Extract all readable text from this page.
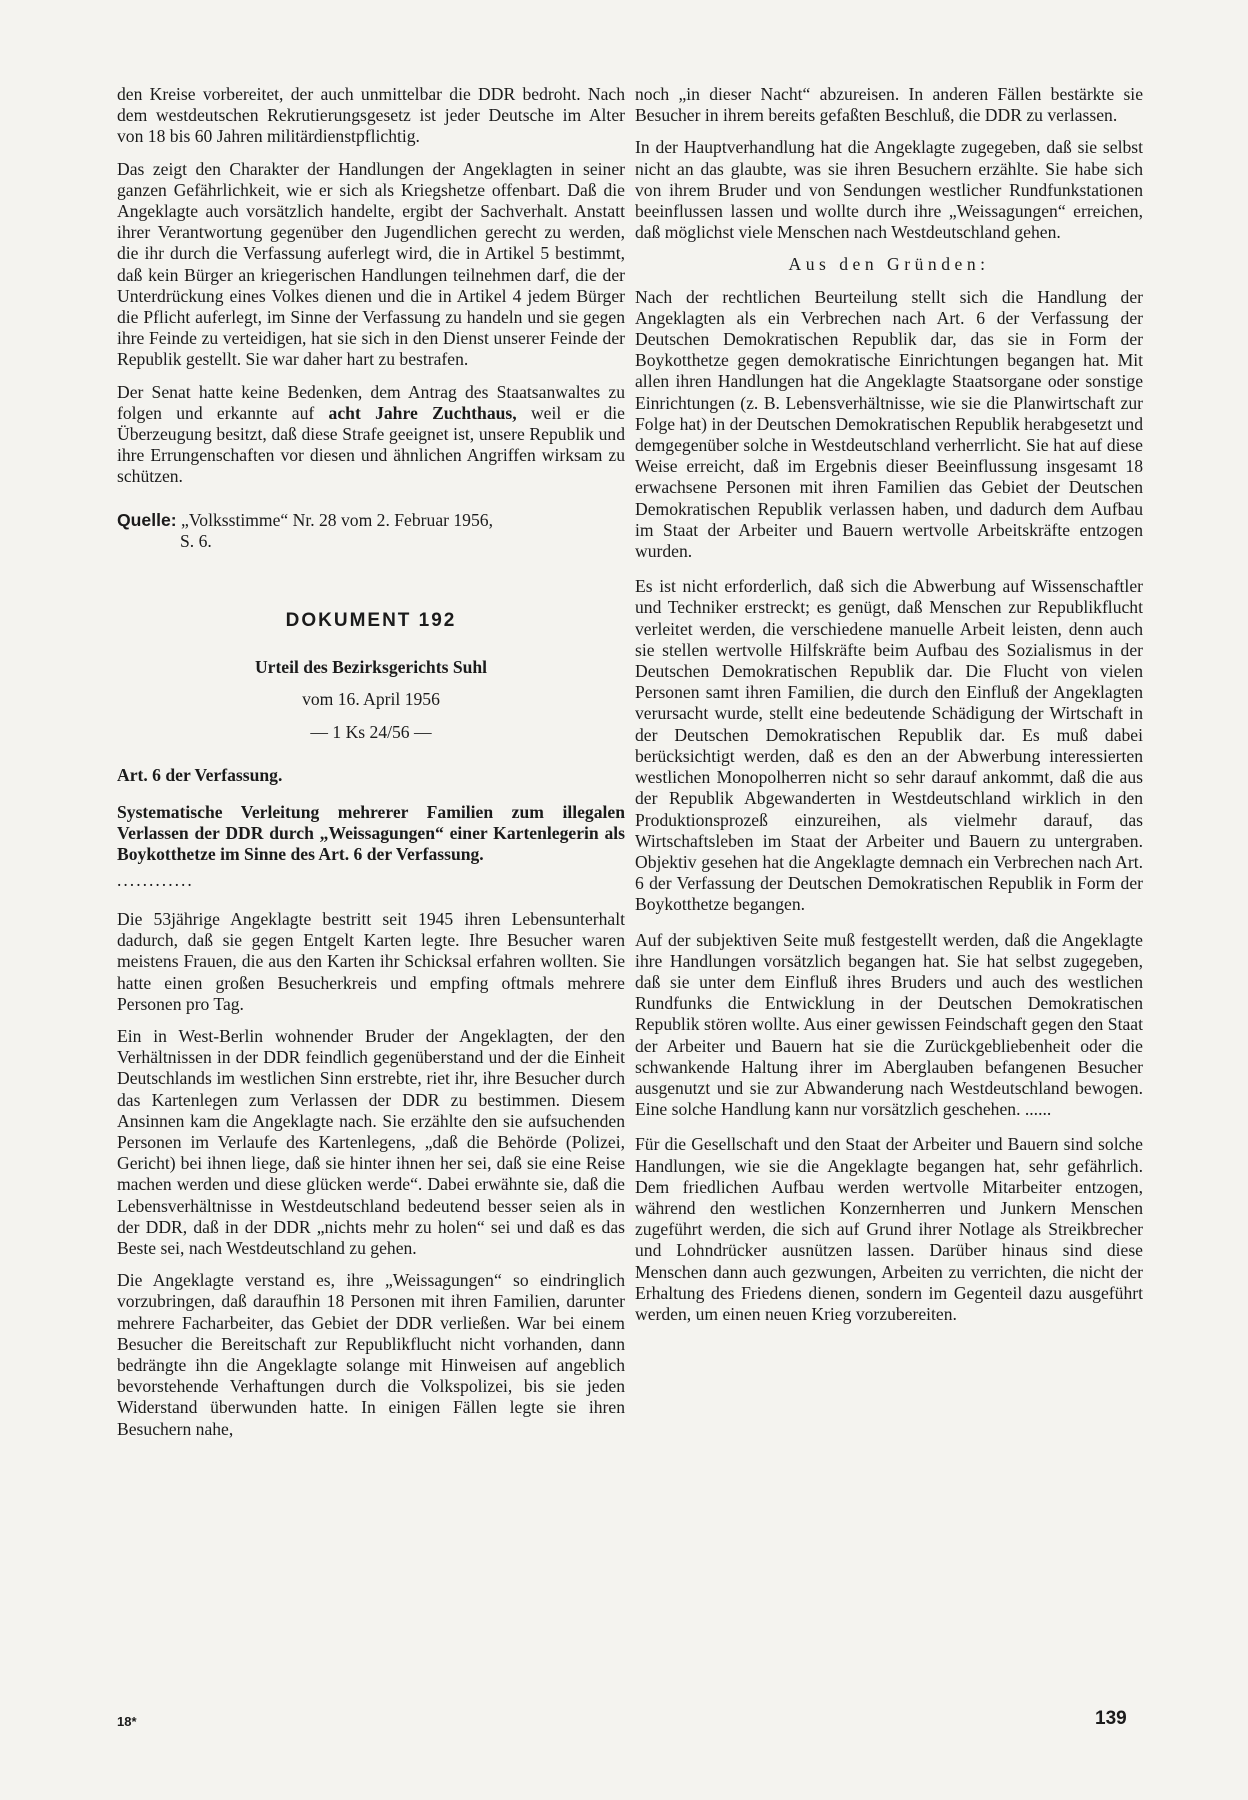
den Kreise vorbereitet, der auch unmittelbar die DDR bedroht. Nach dem westdeutschen Rekrutierungsgesetz ist jeder Deutsche im Alter von 18 bis 60 Jahren militärdienstpflichtig.

Das zeigt den Charakter der Handlungen der Angeklagten in seiner ganzen Gefährlichkeit, wie er sich als Kriegshetze offenbart. Daß die Angeklagte auch vorsätzlich handelte, ergibt der Sachverhalt. Anstatt ihrer Verantwortung gegenüber den Jugendlichen gerecht zu werden, die ihr durch die Verfassung auferlegt wird, die in Artikel 5 bestimmt, daß kein Bürger an kriegerischen Handlungen teilnehmen darf, die der Unterdrückung eines Volkes dienen und die in Artikel 4 jedem Bürger die Pflicht auferlegt, im Sinne der Verfassung zu handeln und sie gegen ihre Feinde zu verteidigen, hat sie sich in den Dienst unserer Feinde der Republik gestellt. Sie war daher hart zu bestrafen.

Der Senat hatte keine Bedenken, dem Antrag des Staatsanwaltes zu folgen und erkannte auf acht Jahre Zuchthaus, weil er die Überzeugung besitzt, daß diese Strafe geeignet ist, unsere Republik und ihre Errungenschaften vor diesen und ähnlichen Angriffen wirksam zu schützen.

Quelle: „Volksstimme“ Nr. 28 vom 2. Februar 1956,
S. 6.

DOKUMENT 192

Urteil des Bezirksgerichts Suhl

vom 16. April 1956

— 1 Ks 24/56 —

Art. 6 der Verfassung.

Systematische Verleitung mehrerer Familien zum illegalen Verlassen der DDR durch „Weissagungen“ einer Kartenlegerin als Boykotthetze im Sinne des Art. 6 der Verfassung.

............

Die 53jährige Angeklagte bestritt seit 1945 ihren Lebensunterhalt dadurch, daß sie gegen Entgelt Karten legte. Ihre Besucher waren meistens Frauen, die aus den Karten ihr Schicksal erfahren wollten. Sie hatte einen großen Besucherkreis und empfing oftmals mehrere Personen pro Tag.

Ein in West-Berlin wohnender Bruder der Angeklagten, der den Verhältnissen in der DDR feindlich gegenüberstand und der die Einheit Deutschlands im westlichen Sinn erstrebte, riet ihr, ihre Besucher durch das Kartenlegen zum Verlassen der DDR zu bestimmen. Diesem Ansinnen kam die Angeklagte nach. Sie erzählte den sie aufsuchenden Personen im Verlaufe des Kartenlegens, „daß die Behörde (Polizei, Gericht) bei ihnen liege, daß sie hinter ihnen her sei, daß sie eine Reise machen werden und diese glücken werde“. Dabei erwähnte sie, daß die Lebensverhältnisse in Westdeutschland bedeutend besser seien als in der DDR, daß in der DDR „nichts mehr zu holen“ sei und daß es das Beste sei, nach Westdeutschland zu gehen.

Die Angeklagte verstand es, ihre „Weissagungen“ so eindringlich vorzubringen, daß daraufhin 18 Personen mit ihren Familien, darunter mehrere Facharbeiter, das Gebiet der DDR verließen. War bei einem Besucher die Bereitschaft zur Republikflucht nicht vorhanden, dann bedrängte ihn die Angeklagte solange mit Hinweisen auf angeblich bevorstehende Verhaftungen durch die Volkspolizei, bis sie jeden Widerstand überwunden hatte. In einigen Fällen legte sie ihren Besuchern nahe,

noch „in dieser Nacht“ abzureisen. In anderen Fällen bestärkte sie Besucher in ihrem bereits gefaßten Beschluß, die DDR zu verlassen.

In der Hauptverhandlung hat die Angeklagte zugegeben, daß sie selbst nicht an das glaubte, was sie ihren Besuchern erzählte. Sie habe sich von ihrem Bruder und von Sendungen westlicher Rundfunkstationen beeinflussen lassen und wollte durch ihre „Weissagungen“ erreichen, daß möglichst viele Menschen nach Westdeutschland gehen.

Aus den Gründen:

Nach der rechtlichen Beurteilung stellt sich die Handlung der Angeklagten als ein Verbrechen nach Art. 6 der Verfassung der Deutschen Demokratischen Republik dar, das sie in Form der Boykotthetze gegen demokratische Einrichtungen begangen hat. Mit allen ihren Handlungen hat die Angeklagte Staatsorgane oder sonstige Einrichtungen (z. B. Lebensverhältnisse, wie sie die Planwirtschaft zur Folge hat) in der Deutschen Demokratischen Republik herabgesetzt und demgegenüber solche in Westdeutschland verherrlicht. Sie hat auf diese Weise erreicht, daß im Ergebnis dieser Beeinflussung insgesamt 18 erwachsene Personen mit ihren Familien das Gebiet der Deutschen Demokratischen Republik verlassen haben, und dadurch dem Aufbau im Staat der Arbeiter und Bauern wertvolle Arbeitskräfte entzogen wurden.

Es ist nicht erforderlich, daß sich die Abwerbung auf Wissenschaftler und Techniker erstreckt; es genügt, daß Menschen zur Republikflucht verleitet werden, die verschiedene manuelle Arbeit leisten, denn auch sie stellen wertvolle Hilfskräfte beim Aufbau des Sozialismus in der Deutschen Demokratischen Republik dar. Die Flucht von vielen Personen samt ihren Familien, die durch den Einfluß der Angeklagten verursacht wurde, stellt eine bedeutende Schädigung der Wirtschaft in der Deutschen Demokratischen Republik dar. Es muß dabei berücksichtigt werden, daß es den an der Abwerbung interessierten westlichen Monopolherren nicht so sehr darauf ankommt, daß die aus der Republik Abgewanderten in Westdeutschland wirklich in den Produktionsprozeß einzureihen, als vielmehr darauf, das Wirtschaftsleben im Staat der Arbeiter und Bauern zu untergraben. Objektiv gesehen hat die Angeklagte demnach ein Verbrechen nach Art. 6 der Verfassung der Deutschen Demokratischen Republik in Form der Boykotthetze begangen.

Auf der subjektiven Seite muß festgestellt werden, daß die Angeklagte ihre Handlungen vorsätzlich begangen hat. Sie hat selbst zugegeben, daß sie unter dem Einfluß ihres Bruders und auch des westlichen Rundfunks die Entwicklung in der Deutschen Demokratischen Republik stören wollte. Aus einer gewissen Feindschaft gegen den Staat der Arbeiter und Bauern hat sie die Zurückgebliebenheit oder die schwankende Haltung ihrer im Aberglauben befangenen Besucher ausgenutzt und sie zur Abwanderung nach Westdeutschland bewogen. Eine solche Handlung kann nur vorsätzlich geschehen. ......

Für die Gesellschaft und den Staat der Arbeiter und Bauern sind solche Handlungen, wie sie die Angeklagte begangen hat, sehr gefährlich. Dem friedlichen Aufbau werden wertvolle Mitarbeiter entzogen, während den westlichen Konzernherren und Junkern Menschen zugeführt werden, die sich auf Grund ihrer Notlage als Streikbrecher und Lohndrücker ausnützen lassen. Darüber hinaus sind diese Menschen dann auch gezwungen, Arbeiten zu verrichten, die nicht der Erhaltung des Friedens dienen, sondern im Gegenteil dazu ausgeführt werden, um einen neuen Krieg vorzubereiten.

18*	139
